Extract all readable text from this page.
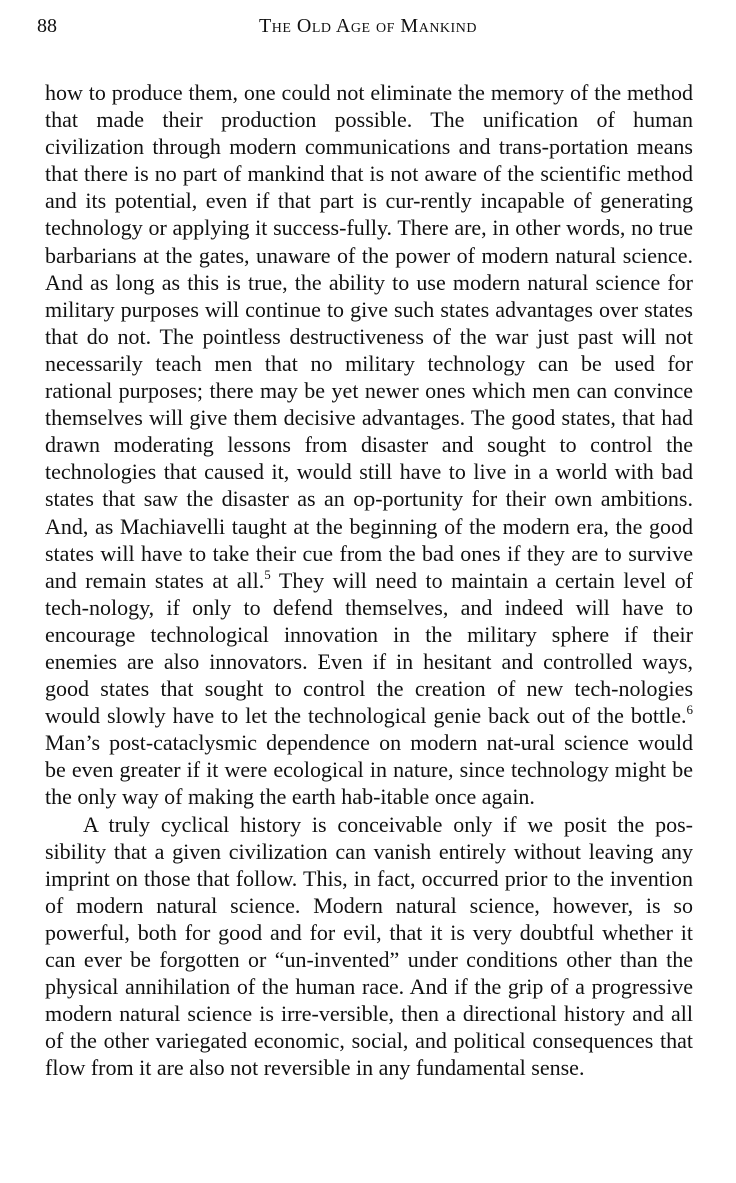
88	The Old Age of Mankind

how to produce them, one could not eliminate the memory of the method that made their production possible. The unification of human civilization through modern communications and trans-portation means that there is no part of mankind that is not aware of the scientific method and its potential, even if that part is cur-rently incapable of generating technology or applying it success-fully. There are, in other words, no true barbarians at the gates, unaware of the power of modern natural science. And as long as this is true, the ability to use modern natural science for military purposes will continue to give such states advantages over states that do not. The pointless destructiveness of the war just past will not necessarily teach men that no military technology can be used for rational purposes; there may be yet newer ones which men can convince themselves will give them decisive advantages. The good states, that had drawn moderating lessons from disaster and sought to control the technologies that caused it, would still have to live in a world with bad states that saw the disaster as an op-portunity for their own ambitions. And, as Machiavelli taught at the beginning of the modern era, the good states will have to take their cue from the bad ones if they are to survive and remain states at all.$^5$ They will need to maintain a certain level of tech-nology, if only to defend themselves, and indeed will have to encourage technological innovation in the military sphere if their enemies are also innovators. Even if in hesitant and controlled ways, good states that sought to control the creation of new tech-nologies would slowly have to let the technological genie back out of the bottle.$^6$ Man’s post-cataclysmic dependence on modern nat-ural science would be even greater if it were ecological in nature, since technology might be the only way of making the earth hab-itable once again.

A truly cyclical history is conceivable only if we posit the pos-sibility that a given civilization can vanish entirely without leaving any imprint on those that follow. This, in fact, occurred prior to the invention of modern natural science. Modern natural science, however, is so powerful, both for good and for evil, that it is very doubtful whether it can ever be forgotten or “un-invented” under conditions other than the physical annihilation of the human race. And if the grip of a progressive modern natural science is irre-versible, then a directional history and all of the other variegated economic, social, and political consequences that flow from it are also not reversible in any fundamental sense.
